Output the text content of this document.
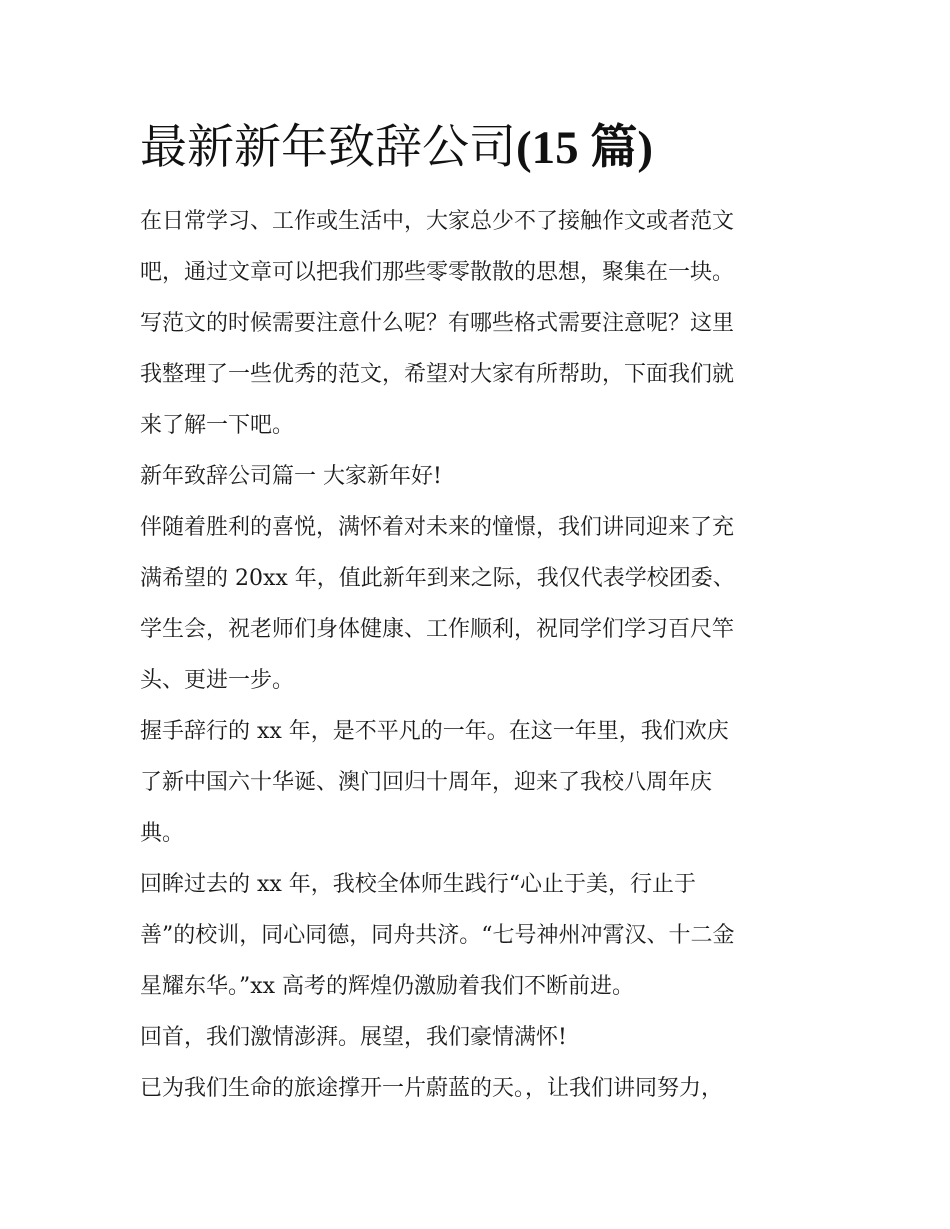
最新新年致辞公司(15 篇)
在日常学习、工作或生活中，大家总少不了接触作文或者范文
吧，通过文章可以把我们那些零零散散的思想，聚集在一块。
写范文的时候需要注意什么呢？有哪些格式需要注意呢？这里
我整理了一些优秀的范文，希望对大家有所帮助，下面我们就
来了解一下吧。
新年致辞公司篇一 大家新年好!
伴随着胜利的喜悦，满怀着对未来的憧憬，我们讲同迎来了充
满希望的 20xx 年，值此新年到来之际，我仅代表学校团委、
学生会，祝老师们身体健康、工作顺利，祝同学们学习百尺竿
头、更进一步。
握手辞行的 xx 年，是不平凡的一年。在这一年里，我们欢庆
了新中国六十华诞、澳门回归十周年，迎来了我校八周年庆
典。
回眸过去的 xx 年，我校全体师生践行“心止于美，行止于
善”的校训，同心同德，同舟共济。“七号神州冲霄汉、十二金
星耀东华。”xx 高考的辉煌仍激励着我们不断前进。
回首，我们激情澎湃。展望，我们豪情满怀!
已为我们生命的旅途撑开一片蔚蓝的天。，让我们讲同努力，
